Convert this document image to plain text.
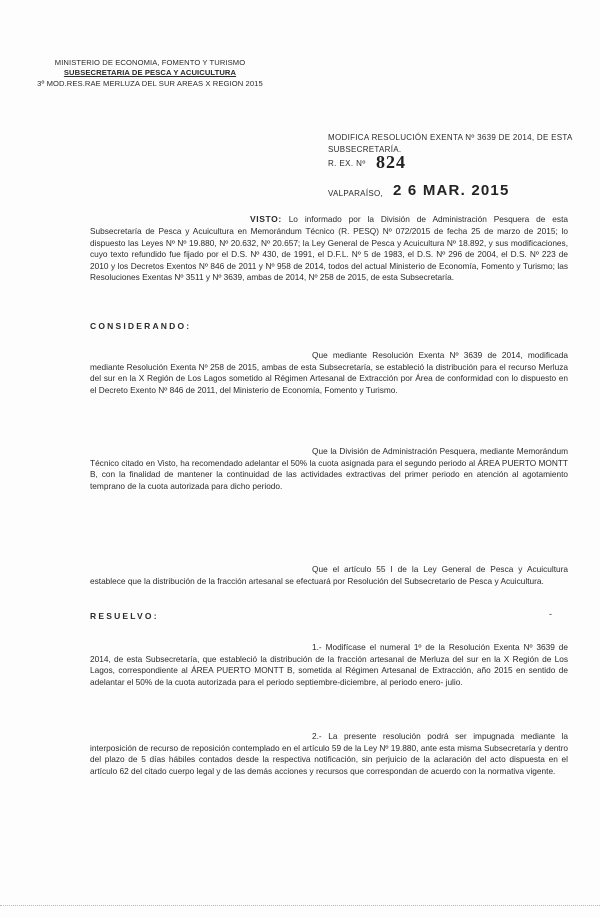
MINISTERIO DE ECONOMIA, FOMENTO Y TURISMO
SUBSECRETARIA DE PESCA Y ACUICULTURA
3º MOD.RES.RAE MERLUZA DEL SUR AREAS X REGION 2015
MODIFICA RESOLUCIÓN EXENTA Nº 3639 DE 2014, DE ESTA SUBSECRETARÍA.
R. EX. Nº 824
VALPARAÍSO, 2 6 MAR. 2015
VISTO: Lo informado por la División de Administración Pesquera de esta Subsecretaría de Pesca y Acuicultura en Memorándum Técnico (R. PESQ) Nº 072/2015 de fecha 25 de marzo de 2015; lo dispuesto las Leyes Nº Nº 19.880, Nº 20.632, Nº 20.657; la Ley General de Pesca y Acuicultura Nº 18.892, y sus modificaciones, cuyo texto refundido fue fijado por el D.S. Nº 430, de 1991, el D.F.L. Nº 5 de 1983, el D.S. Nº 296 de 2004, el D.S. Nº 223 de 2010 y los Decretos Exentos Nº 846 de 2011 y Nº 958 de 2014, todos del actual Ministerio de Economía, Fomento y Turismo; las Resoluciones Exentas Nº 3511 y Nº 3639, ambas de 2014, Nº 258 de 2015, de esta Subsecretaría.
CONSIDERANDO:
Que mediante Resolución Exenta Nº 3639 de 2014, modificada mediante Resolución Exenta Nº 258 de 2015, ambas de esta Subsecretaría, se estableció la distribución para el recurso Merluza del sur en la X Región de Los Lagos sometido al Régimen Artesanal de Extracción por Área de conformidad con lo dispuesto en el Decreto Exento Nº 846 de 2011, del Ministerio de Economía, Fomento y Turismo.
Que la División de Administración Pesquera, mediante Memorándum Técnico citado en Visto, ha recomendado adelantar el 50% la cuota asignada para el segundo periodo al ÁREA PUERTO MONTT B, con la finalidad de mantener la continuidad de las actividades extractivas del primer periodo en atención al agotamiento temprano de la cuota autorizada para dicho periodo.
Que el artículo 55 I de la Ley General de Pesca y Acuicultura establece que la distribución de la fracción artesanal se efectuará por Resolución del Subsecretario de Pesca y Acuicultura.
RESUELVO:	-
1.- Modifícase el numeral 1º de la Resolución Exenta Nº 3639 de 2014, de esta Subsecretaría, que estableció la distribución de la fracción artesanal de Merluza del sur en la X Región de Los Lagos, correspondiente al ÁREA PUERTO MONTT B, sometida al Régimen Artesanal de Extracción, año 2015 en sentido de adelantar el 50% de la cuota autorizada para el periodo septiembre-diciembre, al periodo enero- julio.
2.- La presente resolución podrá ser impugnada mediante la interposición de recurso de reposición contemplado en el artículo 59 de la Ley Nº 19.880, ante esta misma Subsecretaría y dentro del plazo de 5 días hábiles contados desde la respectiva notificación, sin perjuicio de la aclaración del acto dispuesta en el artículo 62 del citado cuerpo legal y de las demás acciones y recursos que correspondan de acuerdo con la normativa vigente.
